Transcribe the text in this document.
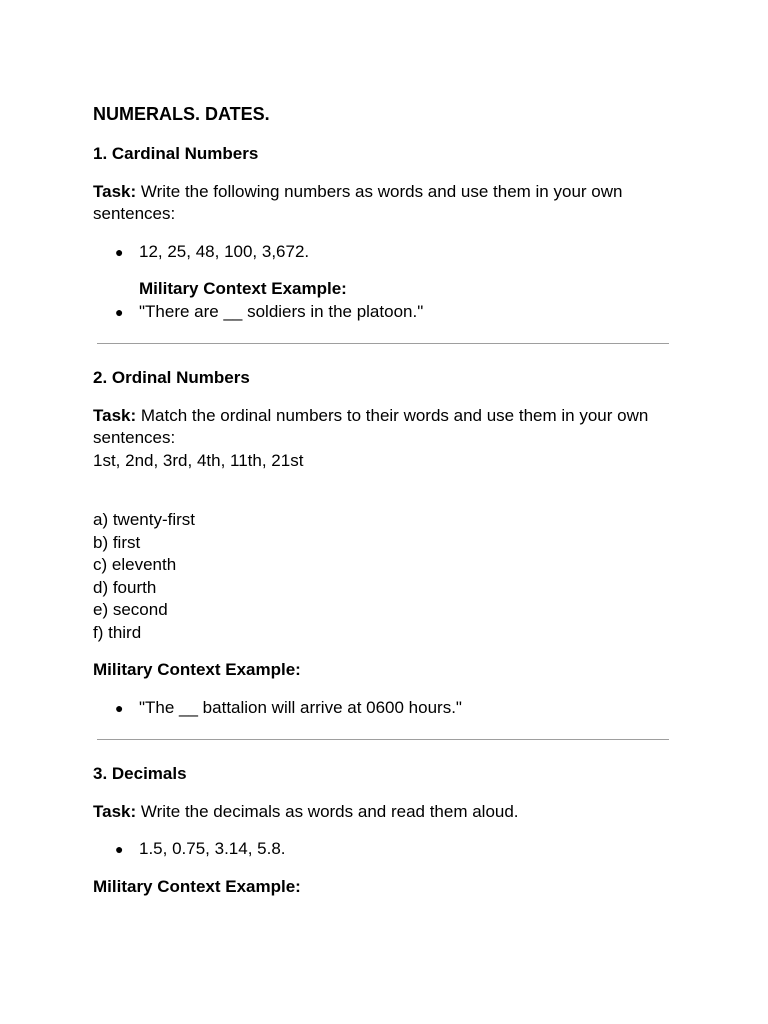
NUMERALS. DATES.
1. Cardinal Numbers
Task: Write the following numbers as words and use them in your own sentences:
● 12, 25, 48, 100, 3,672.
Military Context Example:
● "There are __ soldiers in the platoon."
2. Ordinal Numbers
Task: Match the ordinal numbers to their words and use them in your own sentences:
1st, 2nd, 3rd, 4th, 11th, 21st
a) twenty-first
b) first
c) eleventh
d) fourth
e) second
f) third
Military Context Example:
● "The __ battalion will arrive at 0600 hours."
3. Decimals
Task: Write the decimals as words and read them aloud.
● 1.5, 0.75, 3.14, 5.8.
Military Context Example:
